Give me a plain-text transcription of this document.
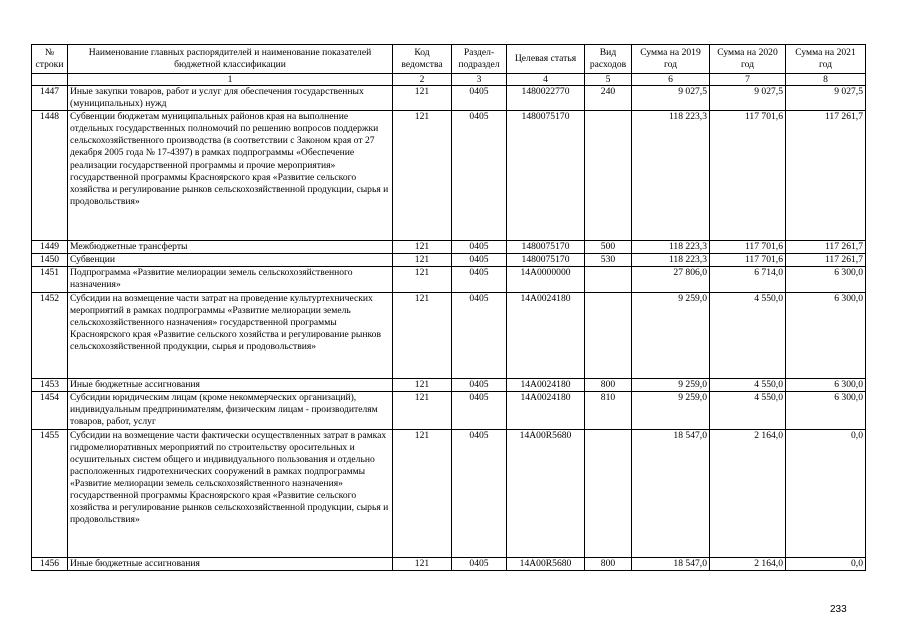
№ строки	Наименование главных распорядителей и наименование показателей бюджетной классификации	Код ведомства	Раздел-подраздел	Целевая статья	Вид расходов	Сумма на 2019 год	Сумма на 2020 год	Сумма на 2021 год
	1	2	3	4	5	6	7	8
1447	Иные закупки товаров, работ и услуг для обеспечения государственных (муниципальных) нужд	121	0405	1480022770	240	9 027,5	9 027,5	9 027,5
1448	Субвенции бюджетам муниципальных районов края на выполнение отдельных государственных полномочий по решению вопросов поддержки сельскохозяйственного производства (в соответствии с Законом края от 27 декабря 2005 года № 17-4397) в рамках подпрограммы «Обеспечение реализации государственной программы и прочие мероприятия» государственной программы Красноярского края «Развитие сельского хозяйства и регулирование рынков сельскохозяйственной продукции, сырья и продовольствия»	121	0405	1480075170		118 223,3	117 701,6	117 261,7
1449	Межбюджетные трансферты	121	0405	1480075170	500	118 223,3	117 701,6	117 261,7
1450	Субвенции	121	0405	1480075170	530	118 223,3	117 701,6	117 261,7
1451	Подпрограмма «Развитие мелиорации земель сельскохозяйственного назначения»	121	0405	14А0000000		27 806,0	6 714,0	6 300,0
1452	Субсидии на возмещение части затрат на проведение культуртехнических мероприятий в рамках подпрограммы «Развитие мелиорации земель сельскохозяйственного назначения» государственной программы Красноярского края «Развитие сельского хозяйства и регулирование рынков сельскохозяйственной продукции, сырья и продовольствия»	121	0405	14А0024180		9 259,0	4 550,0	6 300,0
1453	Иные бюджетные ассигнования	121	0405	14А0024180	800	9 259,0	4 550,0	6 300,0
1454	Субсидии юридическим лицам (кроме некоммерческих организаций), индивидуальным предпринимателям, физическим лицам - производителям товаров, работ, услуг	121	0405	14А0024180	810	9 259,0	4 550,0	6 300,0
1455	Субсидии на возмещение части фактически осуществленных затрат в рамках гидромелиоративных мероприятий по строительству оросительных и осушительных систем общего и индивидуального пользования и отдельно расположенных гидротехнических сооружений в рамках подпрограммы «Развитие мелиорации земель сельскохозяйственного назначения» государственной программы Красноярского края «Развитие сельского хозяйства и регулирование рынков сельскохозяйственной продукции, сырья и продовольствия»	121	0405	14А00R5680		18 547,0	2 164,0	0,0
1456	Иные бюджетные ассигнования	121	0405	14А00R5680	800	18 547,0	2 164,0	0,0
233
